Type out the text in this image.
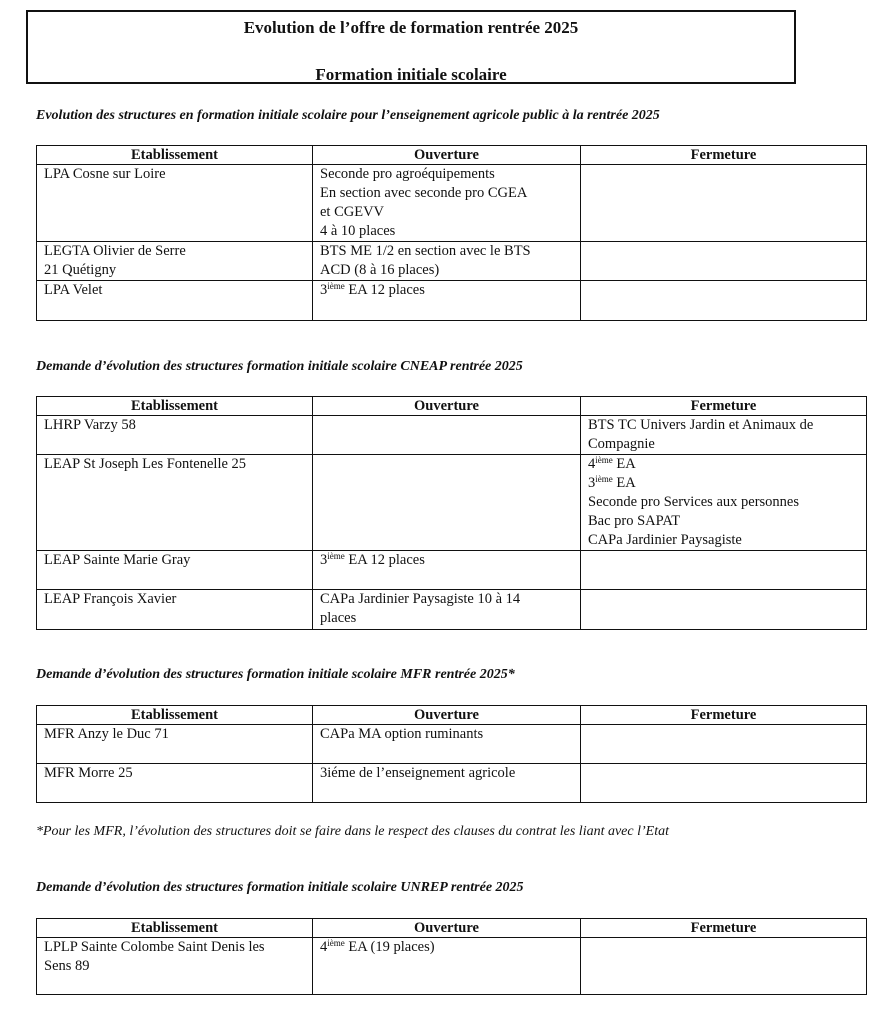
Evolution de l’offre de formation rentrée 2025
Formation initiale scolaire
Evolution des structures en formation initiale scolaire pour l’enseignement agricole public à la rentrée 2025
Etablissement	Ouverture	Fermeture

LPA Cosne sur Loire	Seconde pro agroéquipements
En section avec seconde pro CGEA
et CGEVV
4 à 10 places	

LEGTA Olivier de Serre
21 Quétigny	BTS ME 1/2 en section avec le BTS
ACD (8 à 16 places)	

LPA Velet	3ième EA 12 places	

Demande d’évolution des structures formation initiale scolaire CNEAP rentrée 2025
Etablissement	Ouverture	Fermeture

LHRP Varzy 58		BTS TC Univers Jardin et Animaux de
Compagnie

LEAP St Joseph Les Fontenelle 25		4ième EA
3ième EA
Seconde pro Services aux personnes
Bac pro SAPAT
CAPa Jardinier Paysagiste

LEAP Sainte Marie Gray	3ième EA 12 places	

LEAP François Xavier	CAPa Jardinier Paysagiste 10 à 14
places	

Demande d’évolution des structures formation initiale scolaire MFR rentrée 2025*
Etablissement	Ouverture	Fermeture

MFR Anzy le Duc 71	CAPa MA option ruminants	

MFR Morre 25	3iéme de l’enseignement agricole	

*Pour les MFR, l’évolution des structures doit se faire dans le respect des clauses du contrat les liant avec l’Etat
Demande d’évolution des structures formation initiale scolaire UNREP rentrée 2025
Etablissement	Ouverture	Fermeture

LPLP Sainte Colombe Saint Denis les
Sens 89	4ième EA (19 places)	
